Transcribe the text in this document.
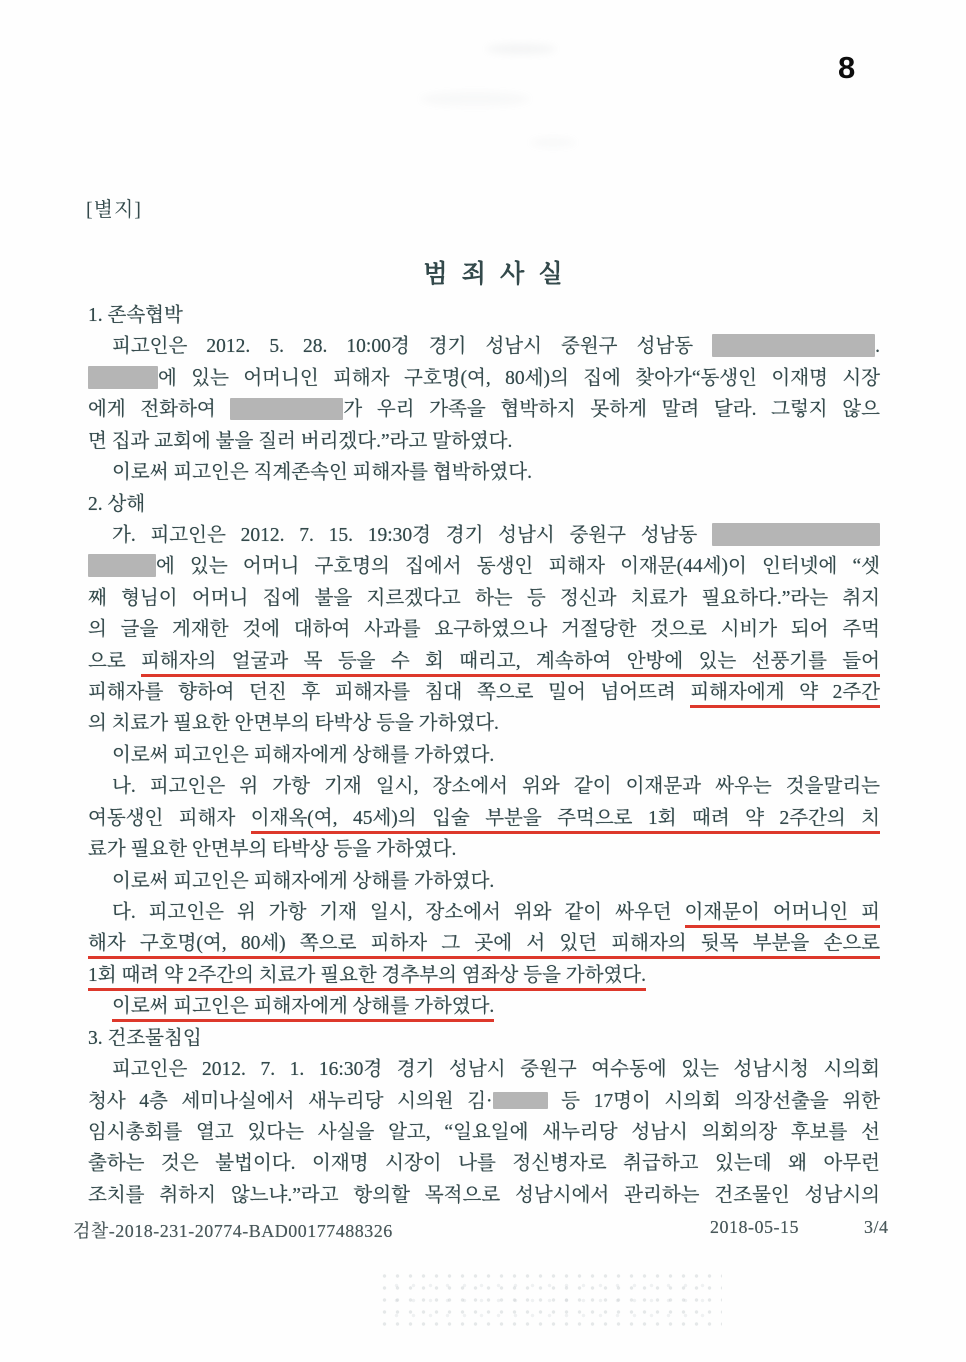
8
[별지]
범 죄 사 실
1. 존속협박
피고인은 2012. 5. 28. 10:00경 경기 성남시 중원구 성남동	.
에 있는 어머니인 피해자 구호명(여, 80세)의 집에 찾아가“동생인 이재명 시장
에게 전화하여	가 우리 가족을 협박하지 못하게 말려 달라. 그렇지 않으
면 집과 교회에 불을 질러 버리겠다.”라고 말하였다.
이로써 피고인은 직계존속인 피해자를 협박하였다.
2. 상해
가. 피고인은 2012. 7. 15. 19:30경 경기 성남시 중원구 성남동
에 있는 어머니 구호명의 집에서 동생인 피해자 이재문(44세)이 인터넷에 “셋
째 형님이 어머니 집에 불을 지르겠다고 하는 등 정신과 치료가 필요하다.”라는 취지
의 글을 게재한 것에 대하여 사과를 요구하였으나 거절당한 것으로 시비가 되어 주먹
으로 피해자의 얼굴과 목 등을 수 회 때리고, 계속하여 안방에 있는 선풍기를 들어
피해자를 향하여 던진 후 피해자를 침대 쪽으로 밀어 넘어뜨려 피해자에게 약 2주간
의 치료가 필요한 안면부의 타박상 등을 가하였다.
이로써 피고인은 피해자에게 상해를 가하였다.
나. 피고인은 위 가항 기재 일시, 장소에서 위와 같이 이재문과 싸우는 것을말리는
여동생인 피해자 이재옥(여, 45세)의 입술 부분을 주먹으로 1회 때려 약 2주간의 치
료가 필요한 안면부의 타박상 등을 가하였다.
이로써 피고인은 피해자에게 상해를 가하였다.
다. 피고인은 위 가항 기재 일시, 장소에서 위와 같이 싸우던 이재문이 어머니인 피
해자 구호명(여, 80세) 쪽으로 피하자 그 곳에 서 있던 피해자의 뒷목 부분을 손으로
1회 때려 약 2주간의 치료가 필요한 경추부의 염좌상 등을 가하였다.
이로써 피고인은 피해자에게 상해를 가하였다.
3. 건조물침입
피고인은 2012. 7. 1. 16:30경 경기 성남시 중원구 여수동에 있는 성남시청 시의회
청사 4층 세미나실에서 새누리당 시의원 김·	등 17명이 시의회 의장선출을 위한
임시총회를 열고 있다는 사실을 알고, “일요일에 새누리당 성남시 의회의장 후보를 선
출하는 것은 불법이다. 이재명 시장이 나를 정신병자로 취급하고 있는데 왜 아무런
조치를 취하지 않느냐.”라고 항의할 목적으로 성남시에서 관리하는 건조물인 성남시의
검찰-2018-231-20774-BAD00177488326	2018-05-15	3/4
